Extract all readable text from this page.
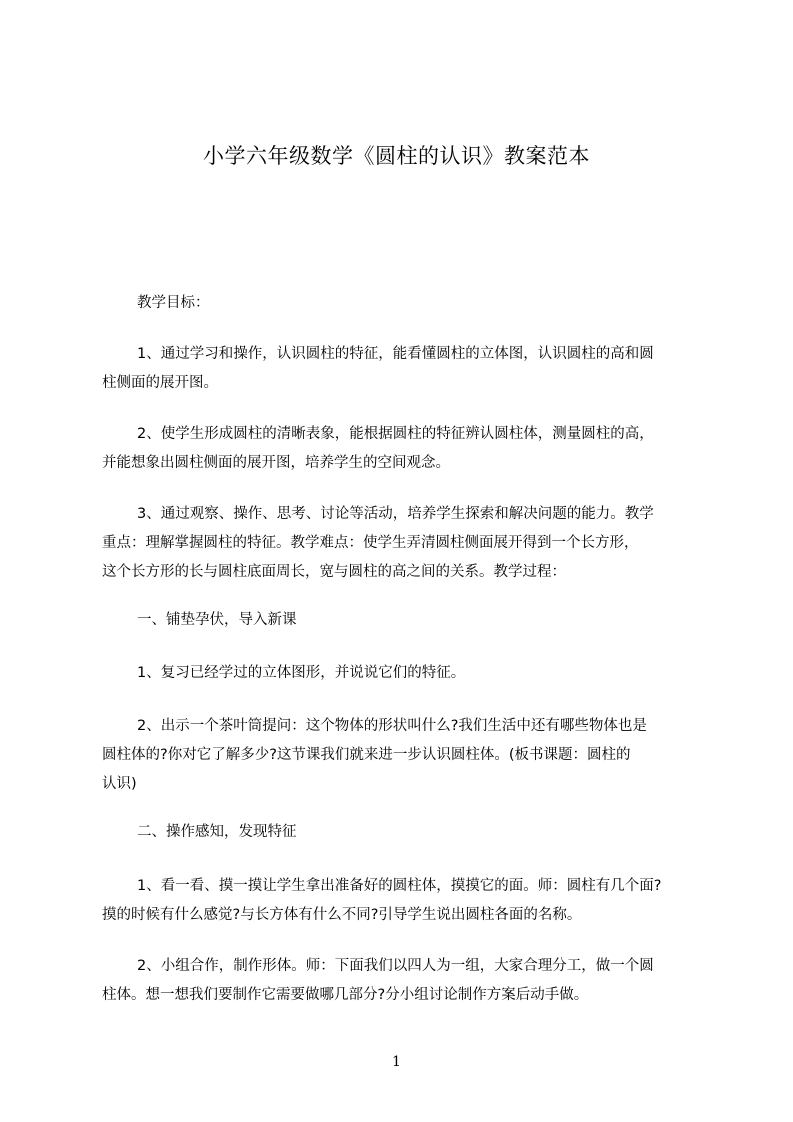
小学六年级数学《圆柱的认识》教案范本
教学目标：
1、通过学习和操作，认识圆柱的特征，能看懂圆柱的立体图，认识圆柱的高和圆
柱侧面的展开图。
2、使学生形成圆柱的清晰表象，能根据圆柱的特征辨认圆柱体，测量圆柱的高，
并能想象出圆柱侧面的展开图，培养学生的空间观念。
3、通过观察、操作、思考、讨论等活动，培养学生探索和解决问题的能力。教学
重点：理解掌握圆柱的特征。教学难点：使学生弄清圆柱侧面展开得到一个长方形，
这个长方形的长与圆柱底面周长，宽与圆柱的高之间的关系。教学过程：
一、铺垫孕伏，导入新课
1、复习已经学过的立体图形，并说说它们的特征。
2、出示一个茶叶筒提问：这个物体的形状叫什么?我们生活中还有哪些物体也是
圆柱体的?你对它了解多少?这节课我们就来进一步认识圆柱体。(板书课题：圆柱的
认识)
二、操作感知，发现特征
1、看一看、摸一摸让学生拿出准备好的圆柱体，摸摸它的面。师：圆柱有几个面?
摸的时候有什么感觉?与长方体有什么不同?引导学生说出圆柱各面的名称。
2、小组合作，制作形体。师：下面我们以四人为一组，大家合理分工，做一个圆
柱体。想一想我们要制作它需要做哪几部分?分小组讨论制作方案后动手做。
1
